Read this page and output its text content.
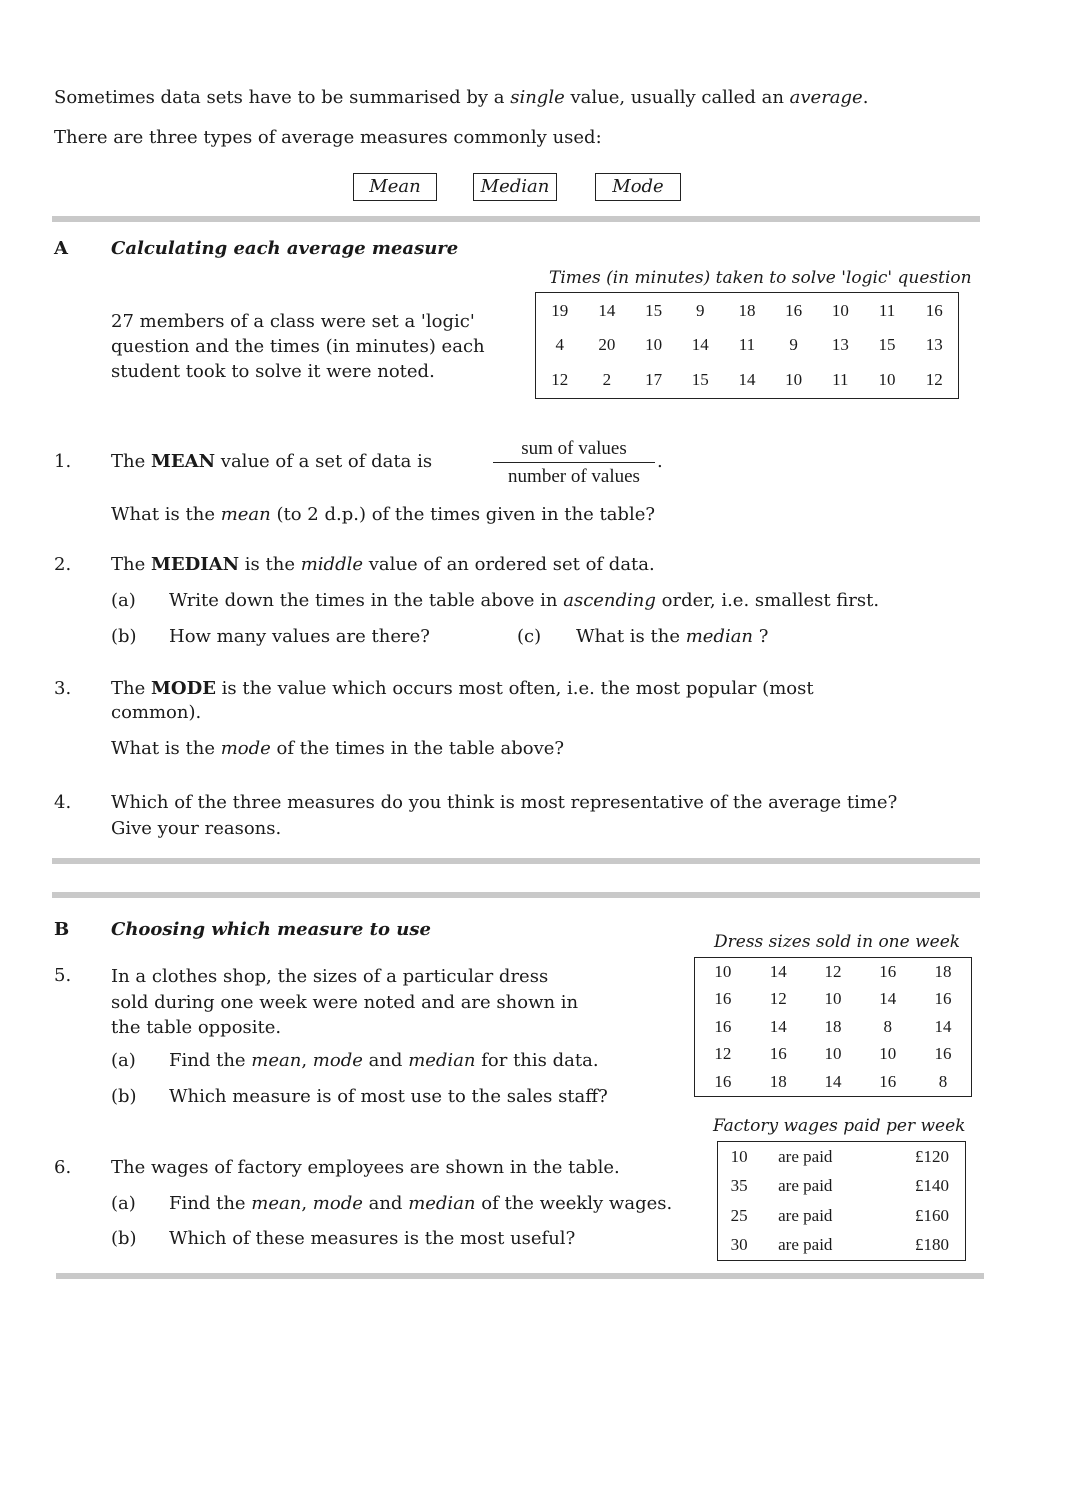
Sometimes data sets have to be summarised by a single value, usually called an average.
There are three types of average measures commonly used:
Mean	Median	Mode
A Calculating each average measure
Times (in minutes) taken to solve 'logic' question
19	14	15	9	18	16	10	11	16
4	20	10	14	11	9	13	15	13
12	2	17	15	14	10	11	10	12
27 members of a class were set a 'logic'
question and the times (in minutes) each
student took to solve it were noted.
1. The MEAN value of a set of data is
sum of values
number of values
.
What is the mean (to 2 d.p.) of the times given in the table?
2. The MEDIAN is the middle value of an ordered set of data.
(a) Write down the times in the table above in ascending order, i.e. smallest first.
(b) How many values are there?	(c) What is the median ?
3. The MODE is the value which occurs most often, i.e. the most popular (most
common).
What is the mode of the times in the table above?
4. Which of the three measures do you think is most representative of the average time?
Give your reasons.
B Choosing which measure to use
Dress sizes sold in one week
10	14	12	16	18
16	12	10	14	16
16	14	18	8	14
12	16	10	10	16
16	18	14	16	8
5. In a clothes shop, the sizes of a particular dress
sold during one week were noted and are shown in
the table opposite.
(a) Find the mean, mode and median for this data.
(b) Which measure is of most use to the sales staff?
Factory wages paid per week
10	are paid	£120
35	are paid	£140
25	are paid	£160
30	are paid	£180
6. The wages of factory employees are shown in the table.
(a) Find the mean, mode and median of the weekly wages.
(b) Which of these measures is the most useful?
